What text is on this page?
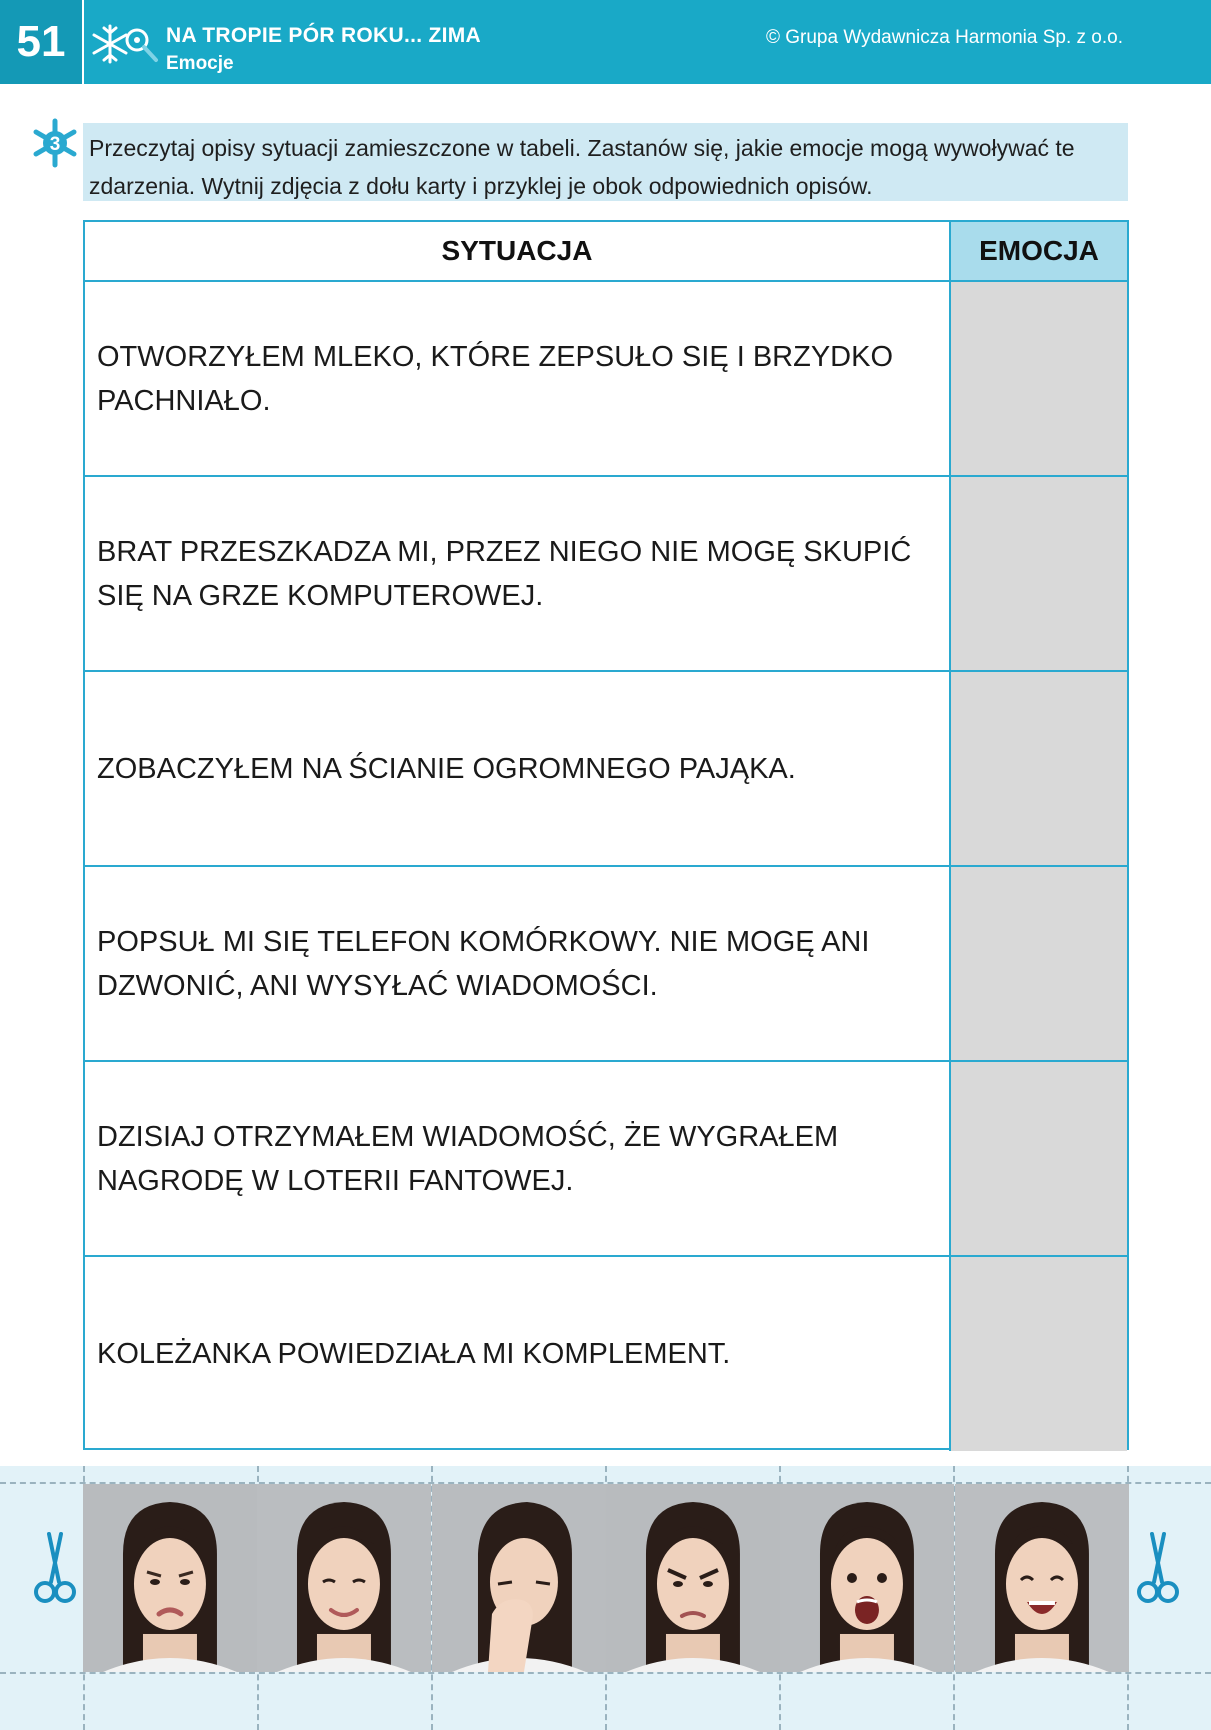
51	NA TROPIE PÓR ROKU... ZIMA
Emocje
© Grupa Wydawnicza Harmonia Sp. z o.o.
3 Przeczytaj opisy sytuacji zamieszczone w tabeli. Zastanów się, jakie emocje mogą wywoływać te zdarzenia. Wytnij zdjęcia z dołu karty i przyklej je obok odpowiednich opisów.
SYTUACJA	EMOCJA
OTWORZYŁEM MLEKO, KTÓRE ZEPSUŁO SIĘ I BRZYDKO PACHNIAŁO.
BRAT PRZESZKADZA MI, PRZEZ NIEGO NIE MOGĘ SKUPIĆ SIĘ NA GRZE KOMPUTEROWEJ.
ZOBACZYŁEM NA ŚCIANIE OGROMNEGO PAJĄKA.
POPSUŁ MI SIĘ TELEFON KOMÓRKOWY. NIE MOGĘ ANI DZWONIĆ, ANI WYSYŁAĆ WIADOMOŚCI.
DZISIAJ OTRZYMAŁEM WIADOMOŚĆ, ŻE WYGRAŁEM NAGRODĘ W LOTERII FANTOWEJ.
KOLEŻANKA POWIEDZIAŁA MI KOMPLEMENT.
